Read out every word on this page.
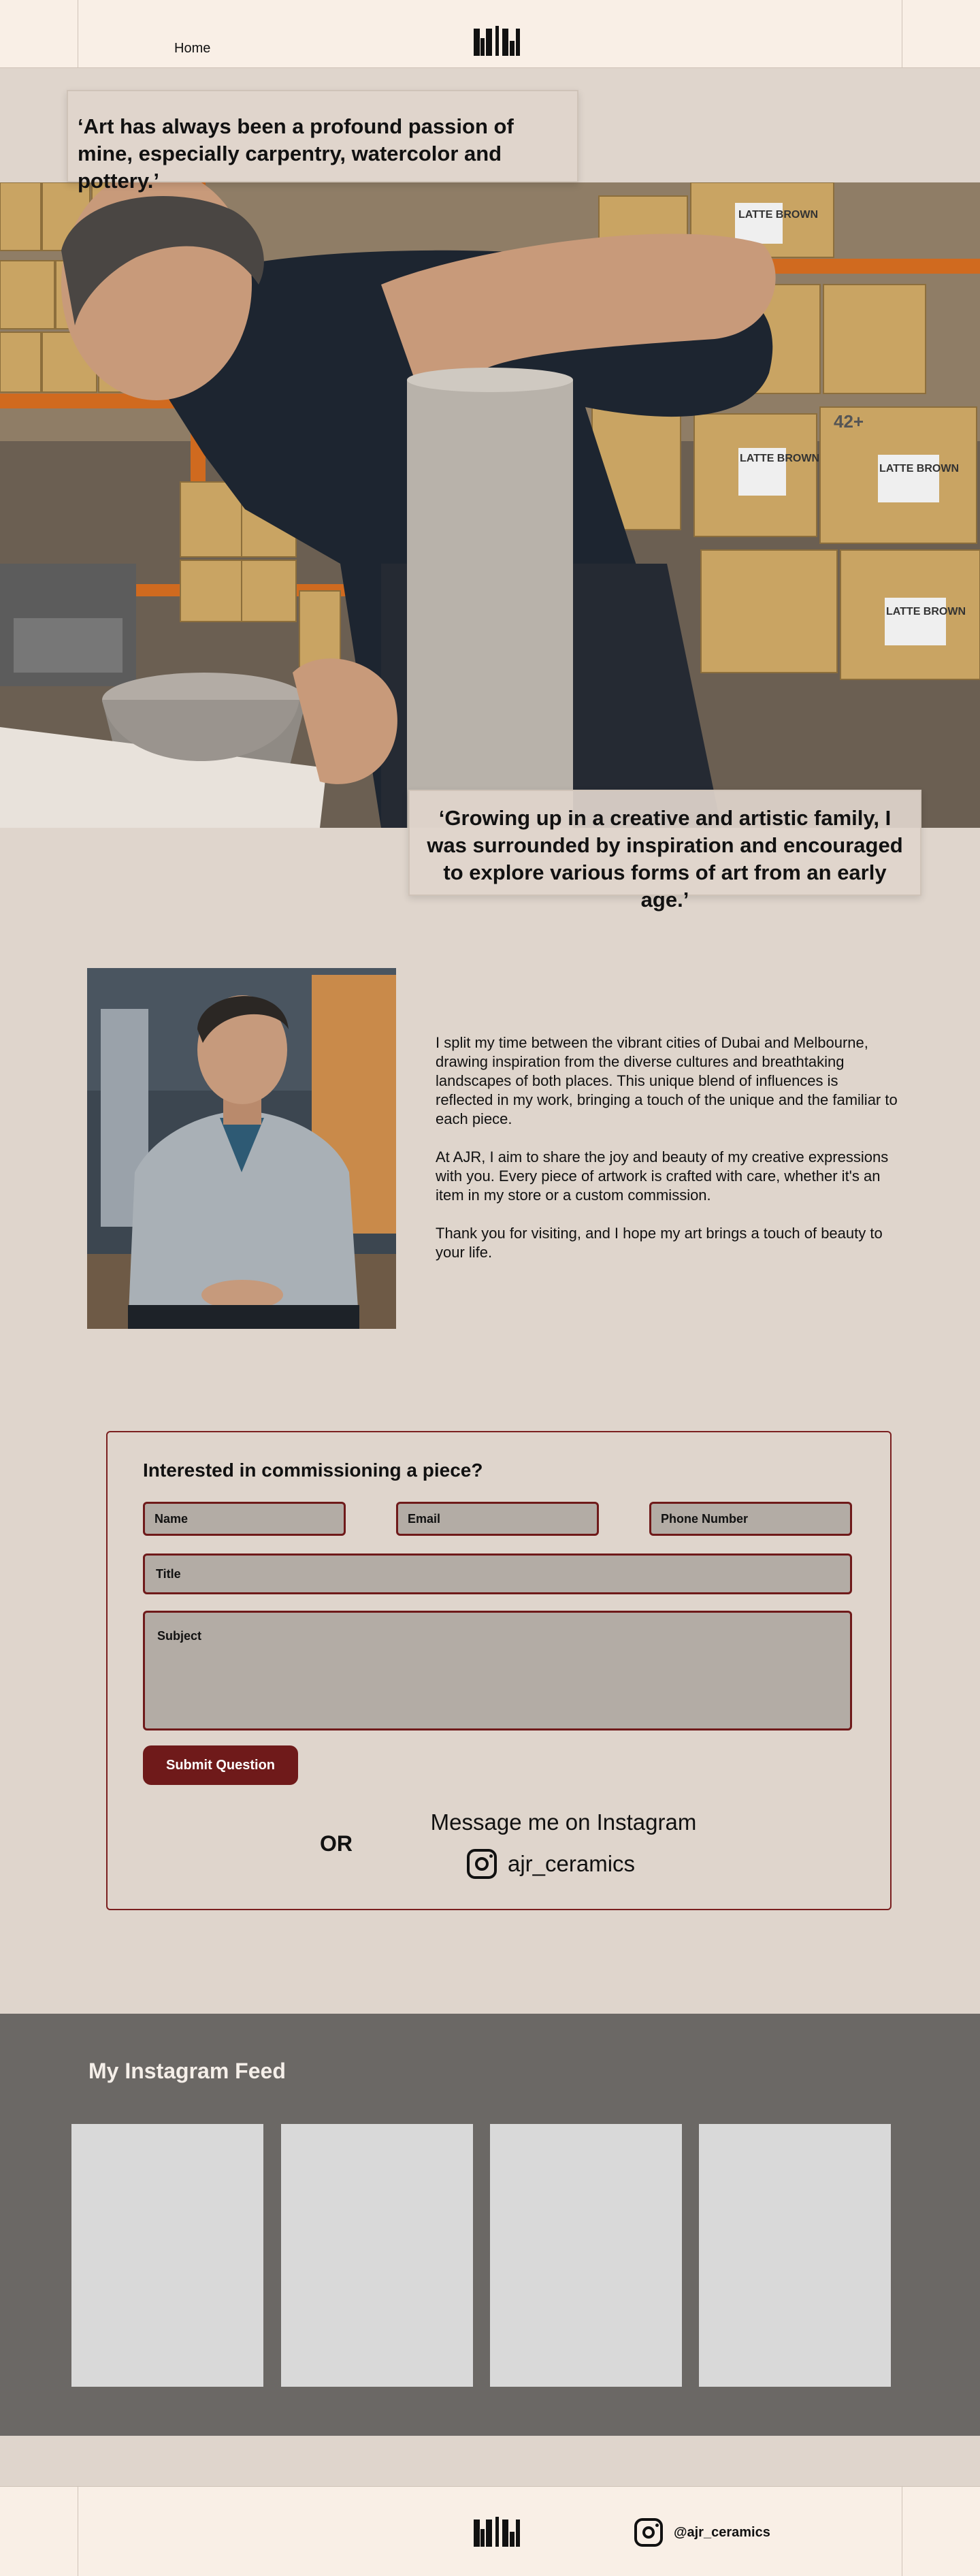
Home
LATTE BROWN
LATTE BROWN
LATTE BROWN
LATTE BROWN
42+
‘Art has always been a profound passion of mine, especially carpentry, watercolor and pottery.’
‘Growing up in a creative and artistic family, I was surrounded by inspiration and encouraged to explore various forms of art from an early age.’

I split my time between the vibrant cities of Dubai and Melbourne, drawing inspiration from the diverse cultures and breathtaking landscapes of both places. This unique blend of influences is reflected in my work, bringing a touch of the unique and the familiar to each piece.

At AJR, I aim to share the joy and beauty of my creative expressions with you. Every piece of artwork is crafted with care, whether it's an item in my store or a custom commission.

Thank you for visiting, and I hope my art brings a touch of beauty to your life.

Interested in commissioning a piece?
Name	Email	Phone Number
Title
Subject
Submit Question
OR
Message me on Instagram
ajr_ceramics
My Instagram Feed
@ajr_ceramics
